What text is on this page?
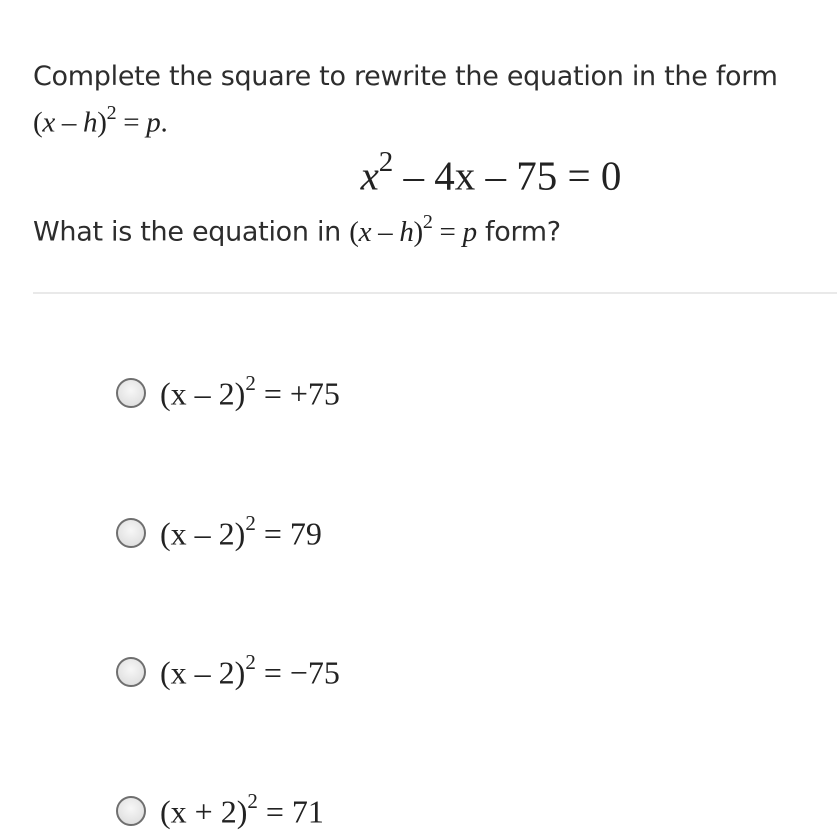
Complete the square to rewrite the equation in the form
(x – h)$^2$ = p.
$x^2 - 4x - 75 = 0$
What is the equation in (x – h)$^2$ = p form?
(x – 2)$^2$ = +75
(x – 2)$^2$ = 79
(x – 2)$^2$ = −75
$(x + 2)^2 = 71$
